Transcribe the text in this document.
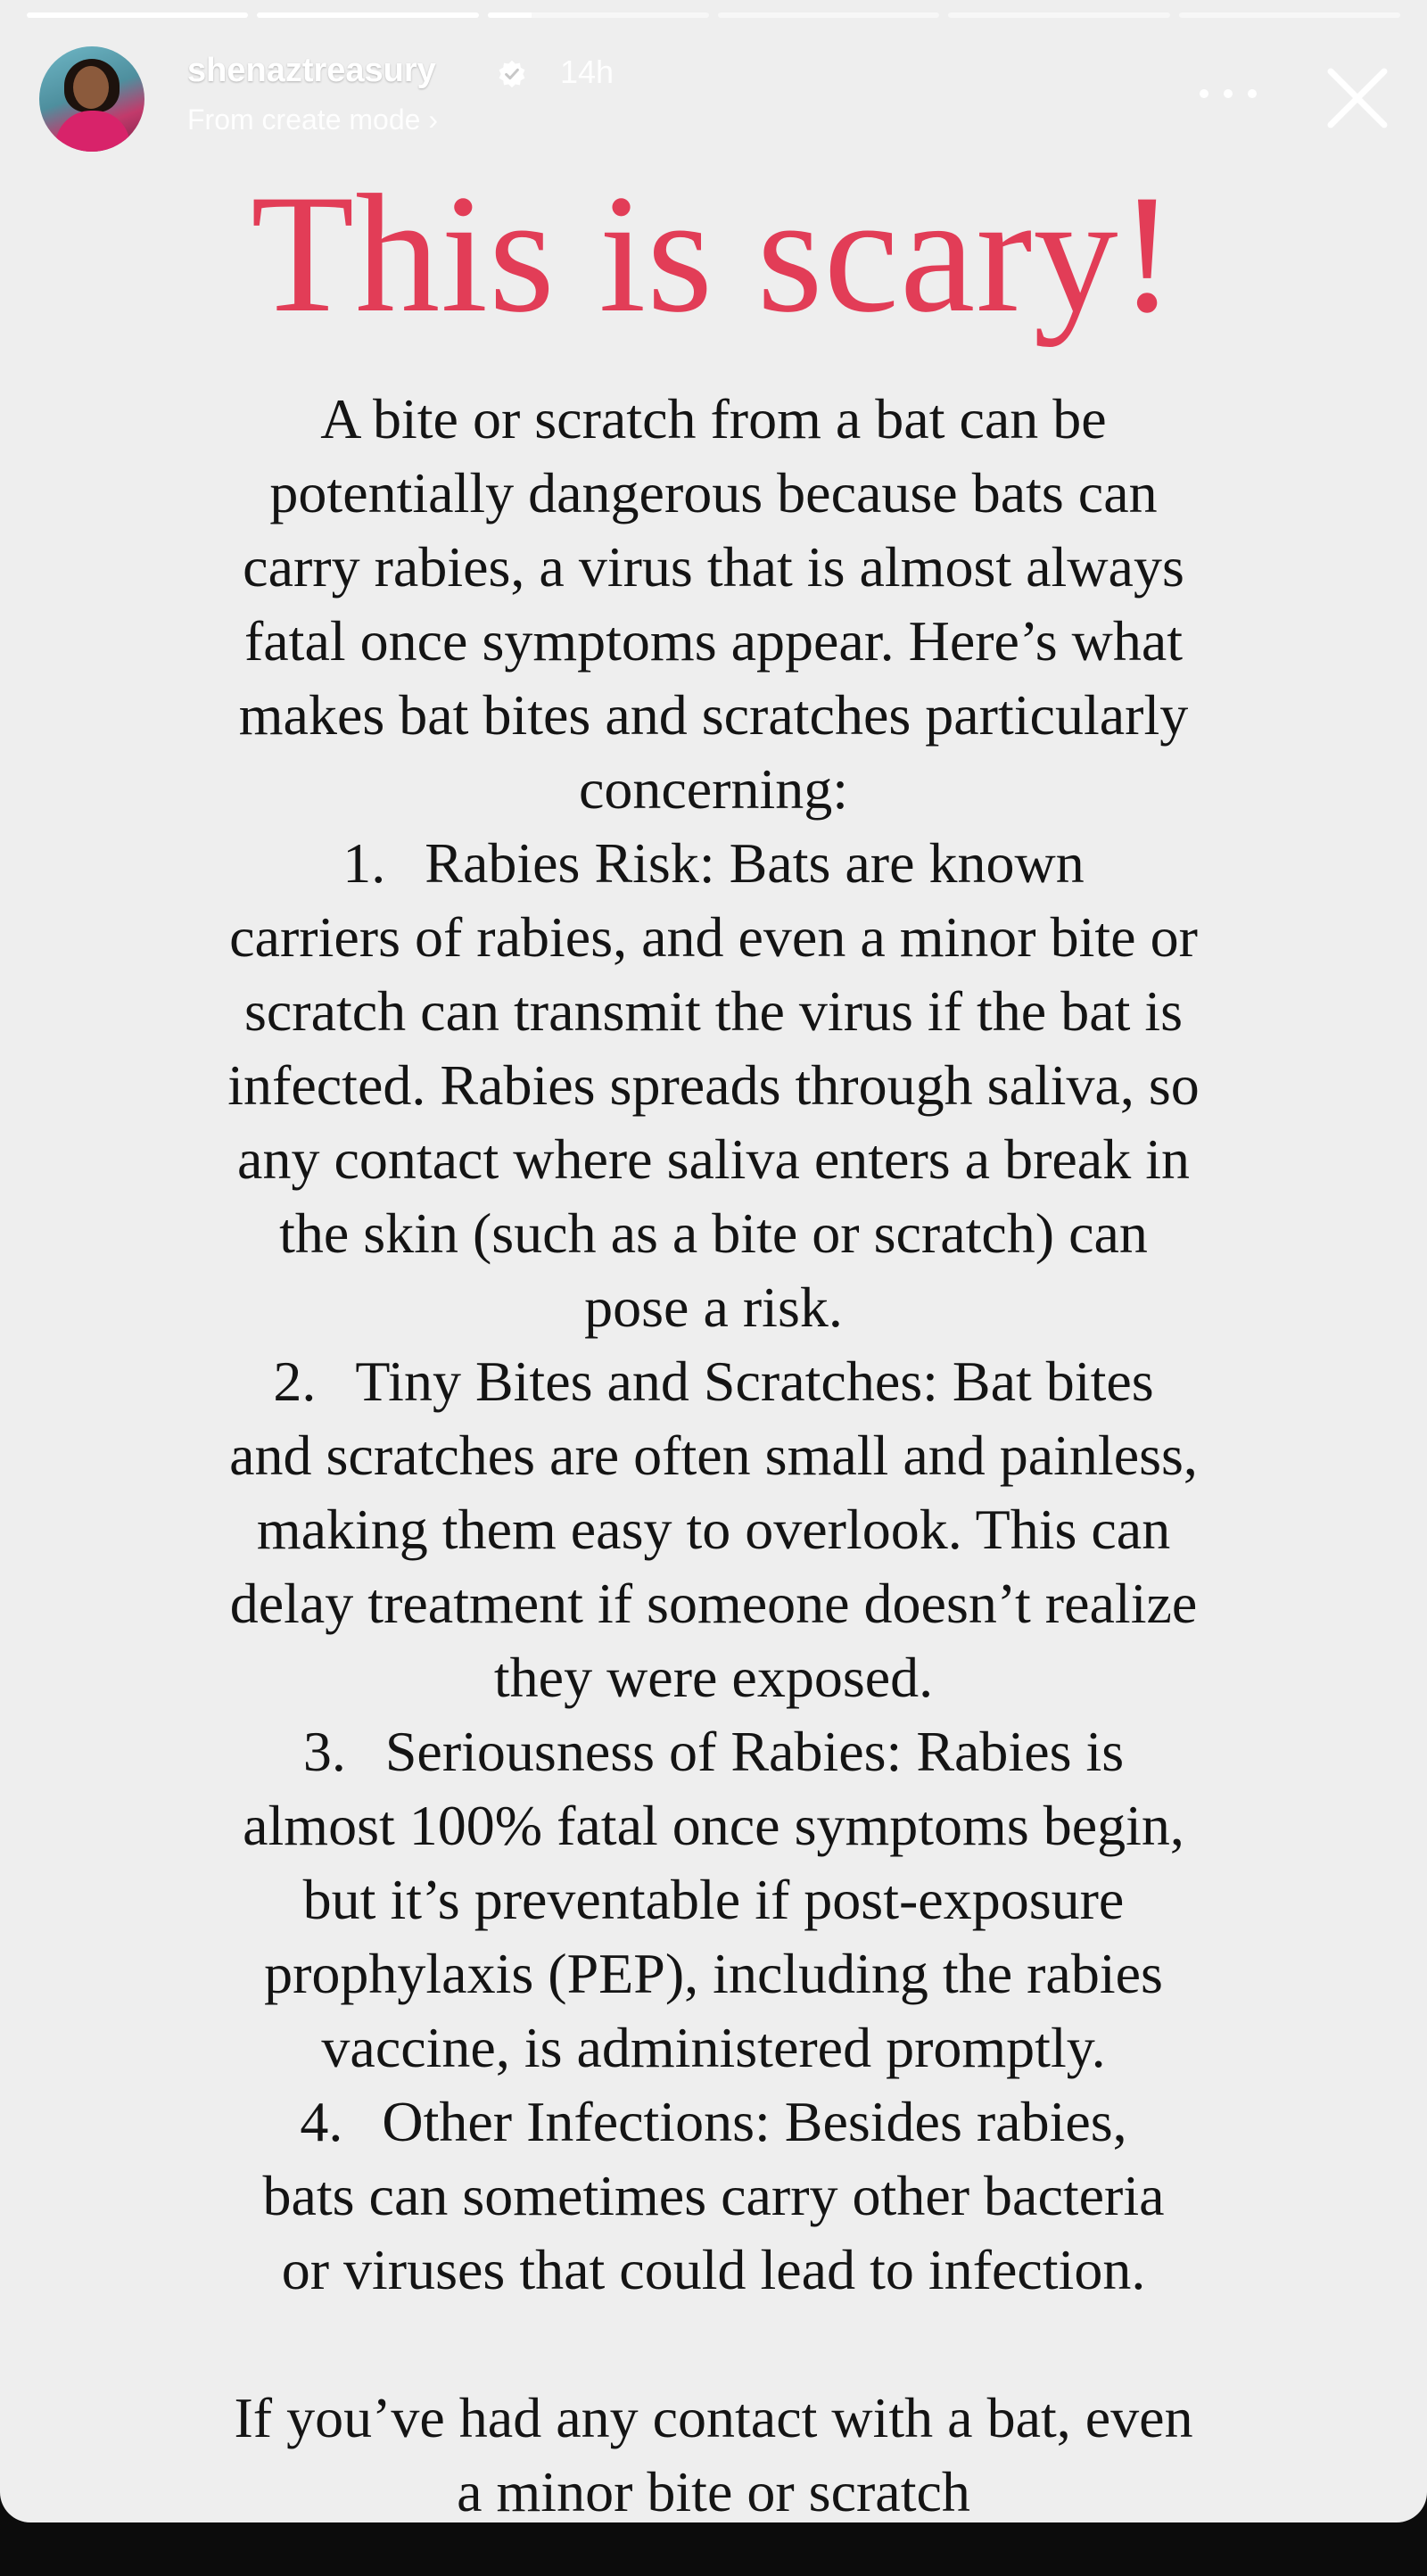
shenaztreasury	14h
From create mode ›
This is scary!
A bite or scratch from a bat can be
potentially dangerous because bats can
carry rabies, a virus that is almost always
fatal once symptoms appear. Here’s what
makes bat bites and scratches particularly
concerning:
1. Rabies Risk: Bats are known
carriers of rabies, and even a minor bite or
scratch can transmit the virus if the bat is
infected. Rabies spreads through saliva, so
any contact where saliva enters a break in
the skin (such as a bite or scratch) can
pose a risk.
2. Tiny Bites and Scratches: Bat bites
and scratches are often small and painless,
making them easy to overlook. This can
delay treatment if someone doesn’t realize
they were exposed.
3. Seriousness of Rabies: Rabies is
almost 100% fatal once symptoms begin,
but it’s preventable if post-exposure
prophylaxis (PEP), including the rabies
vaccine, is administered promptly.
4. Other Infections: Besides rabies,
bats can sometimes carry other bacteria
or viruses that could lead to infection.
If you’ve had any contact with a bat, even
a minor bite or scratch
